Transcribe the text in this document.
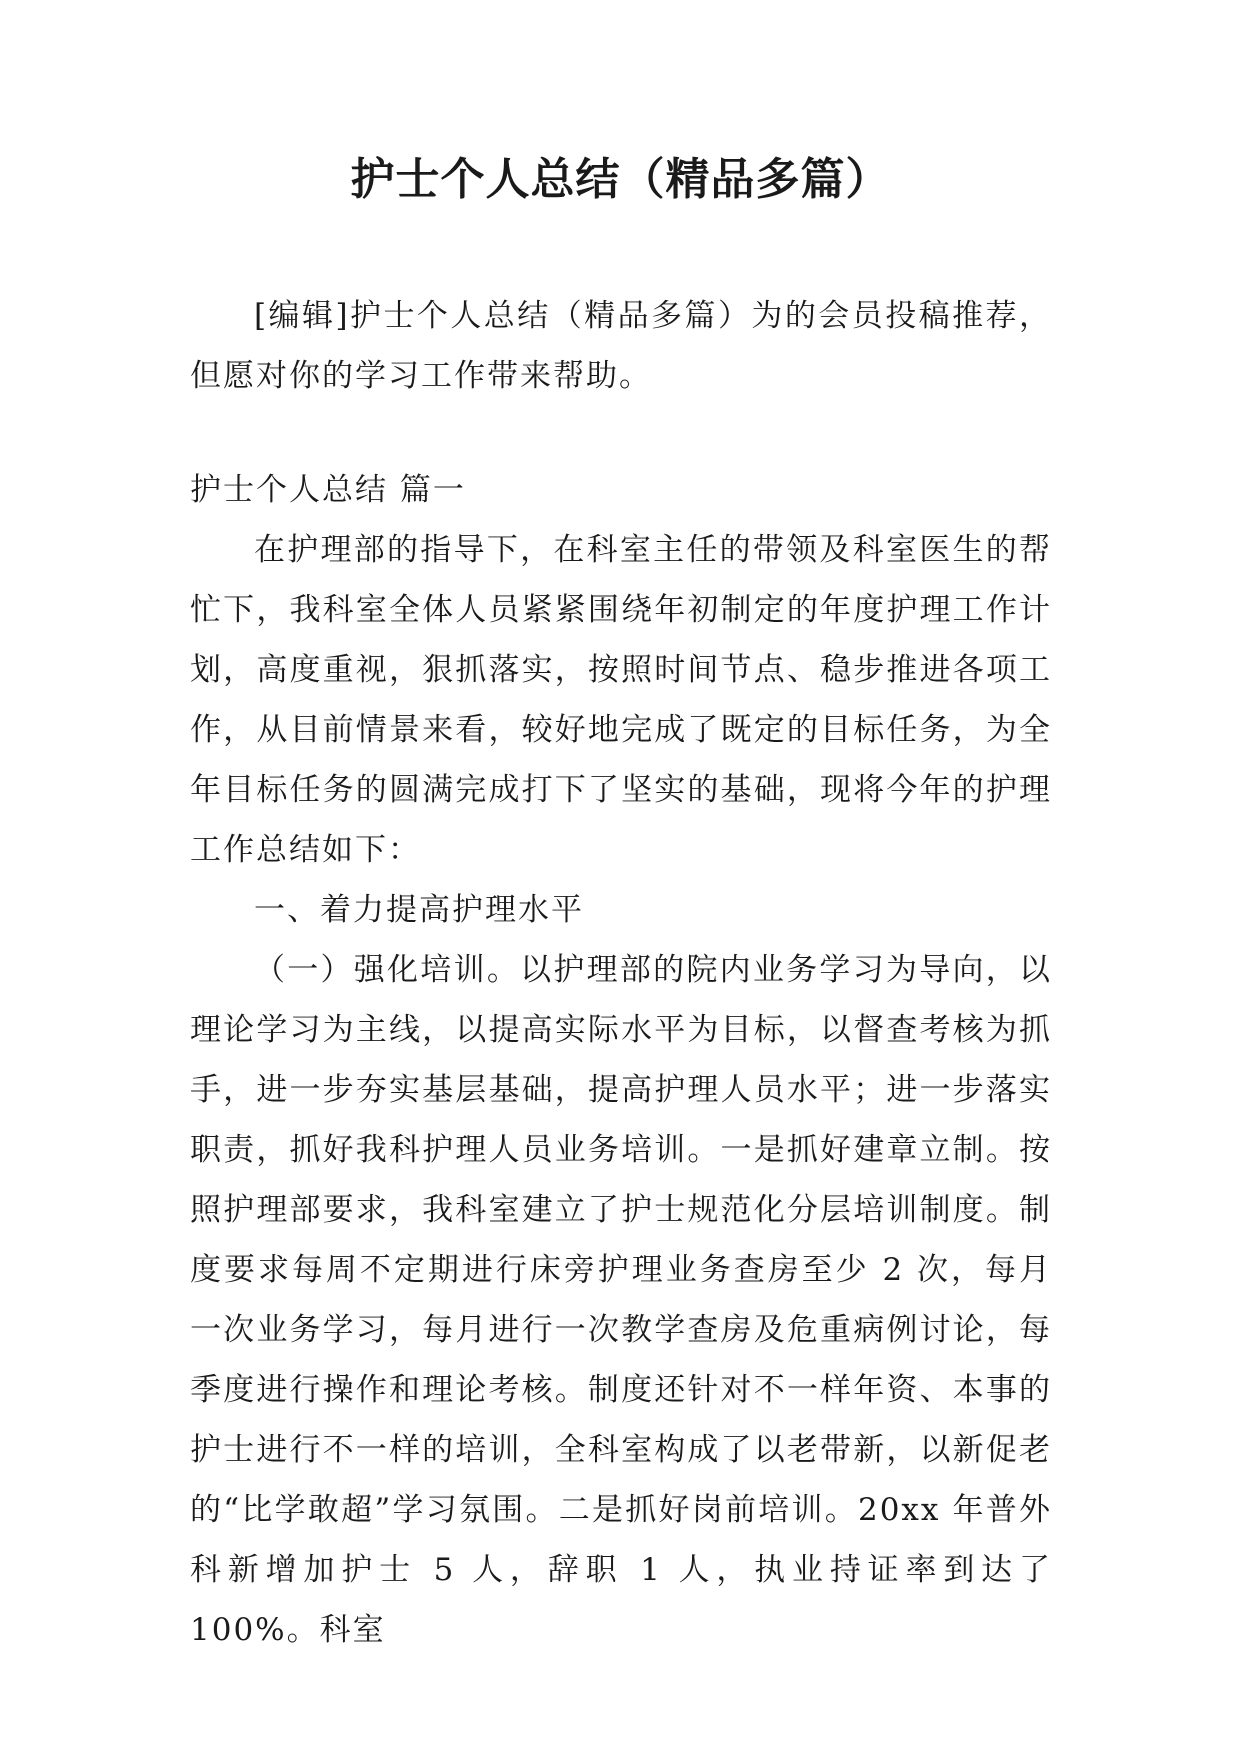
护士个人总结（精品多篇）

[编辑]护士个人总结（精品多篇）为的会员投稿推荐，但愿对你的学习工作带来帮助。

护士个人总结 篇一

在护理部的指导下，在科室主任的带领及科室医生的帮忙下，我科室全体人员紧紧围绕年初制定的年度护理工作计划，高度重视，狠抓落实，按照时间节点、稳步推进各项工作，从目前情景来看，较好地完成了既定的目标任务，为全年目标任务的圆满完成打下了坚实的基础，现将今年的护理工作总结如下：

一、着力提高护理水平

（一）强化培训。以护理部的院内业务学习为导向，以理论学习为主线，以提高实际水平为目标，以督查考核为抓手，进一步夯实基层基础，提高护理人员水平；进一步落实职责，抓好我科护理人员业务培训。一是抓好建章立制。按照护理部要求，我科室建立了护士规范化分层培训制度。制度要求每周不定期进行床旁护理业务查房至少 2 次，每月一次业务学习，每月进行一次教学查房及危重病例讨论，每季度进行操作和理论考核。制度还针对不一样年资、本事的护士进行不一样的培训，全科室构成了以老带新，以新促老的“比学敢超”学习氛围。二是抓好岗前培训。20xx 年普外科新增加护士 5 人，辞职 1 人，执业持证率到达了 100%。科室
